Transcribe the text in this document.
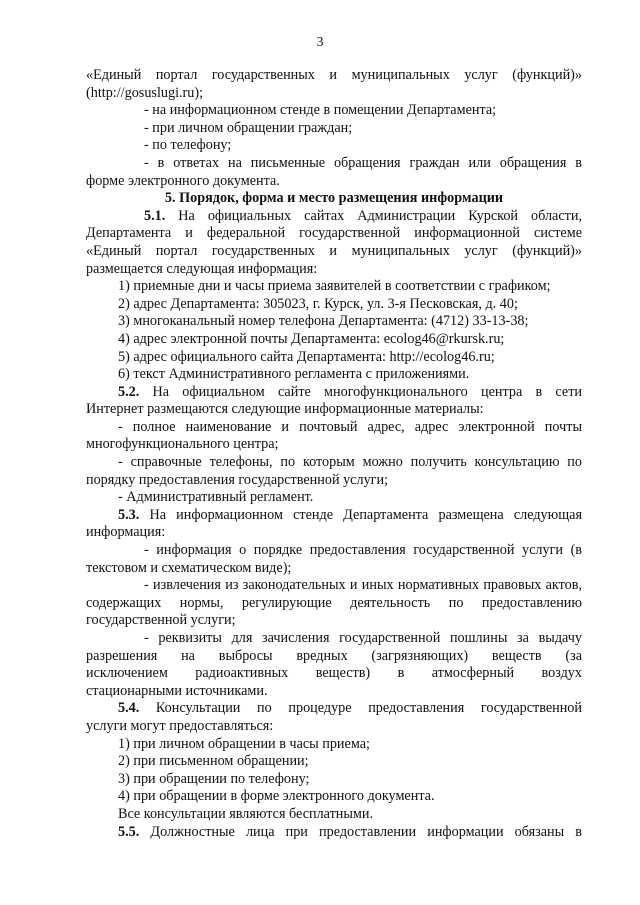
3

«Единый портал государственных и муниципальных услуг (функций)»

(http://gosuslugi.ru);

- на информационном стенде в помещении Департамента;

- при личном обращении граждан;

- по телефону;

- в ответах на письменные обращения граждан или обращения в

форме электронного документа.

5. Порядок, форма и место размещения информации

5.1. На официальных сайтах Администрации Курской области,

Департамента и федеральной государственной информационной системе

«Единый портал государственных и муниципальных услуг (функций)»

размещается следующая информация:

1) приемные дни и часы приема заявителей в соответствии с графиком;

2) адрес Департамента: 305023, г. Курск, ул. 3-я Песковская, д. 40;

3) многоканальный номер телефона Департамента: (4712) 33-13-38;

4) адрес электронной почты Департамента: ecolog46@rkursk.ru;

5) адрес официального сайта Департамента: http://ecolog46.ru;

6) текст Административного регламента с приложениями.

5.2. На официальном сайте многофункционального центра в сети

Интернет размещаются следующие информационные материалы:

- полное наименование и почтовый адрес, адрес электронной почты

многофункционального центра;

- справочные телефоны, по которым можно получить консультацию по

порядку предоставления государственной услуги;

- Административный регламент.

5.3. На информационном стенде Департамента размещена следующая

информация:

- информация о порядке предоставления государственной услуги (в

текстовом и схематическом виде);

- извлечения из законодательных и иных нормативных правовых актов,

содержащих нормы, регулирующие деятельность по предоставлению

государственной услуги;

- реквизиты для зачисления государственной пошлины за выдачу

разрешения на выбросы вредных (загрязняющих) веществ (за

исключением радиоактивных веществ) в атмосферный воздух

стационарными источниками.

5.4. Консультации по процедуре предоставления государственной

услуги могут предоставляться:

1) при личном обращении в часы приема;

2) при письменном обращении;

3) при обращении по телефону;

4) при обращении в форме электронного документа.

Все консультации являются бесплатными.

5.5. Должностные лица при предоставлении информации обязаны в
